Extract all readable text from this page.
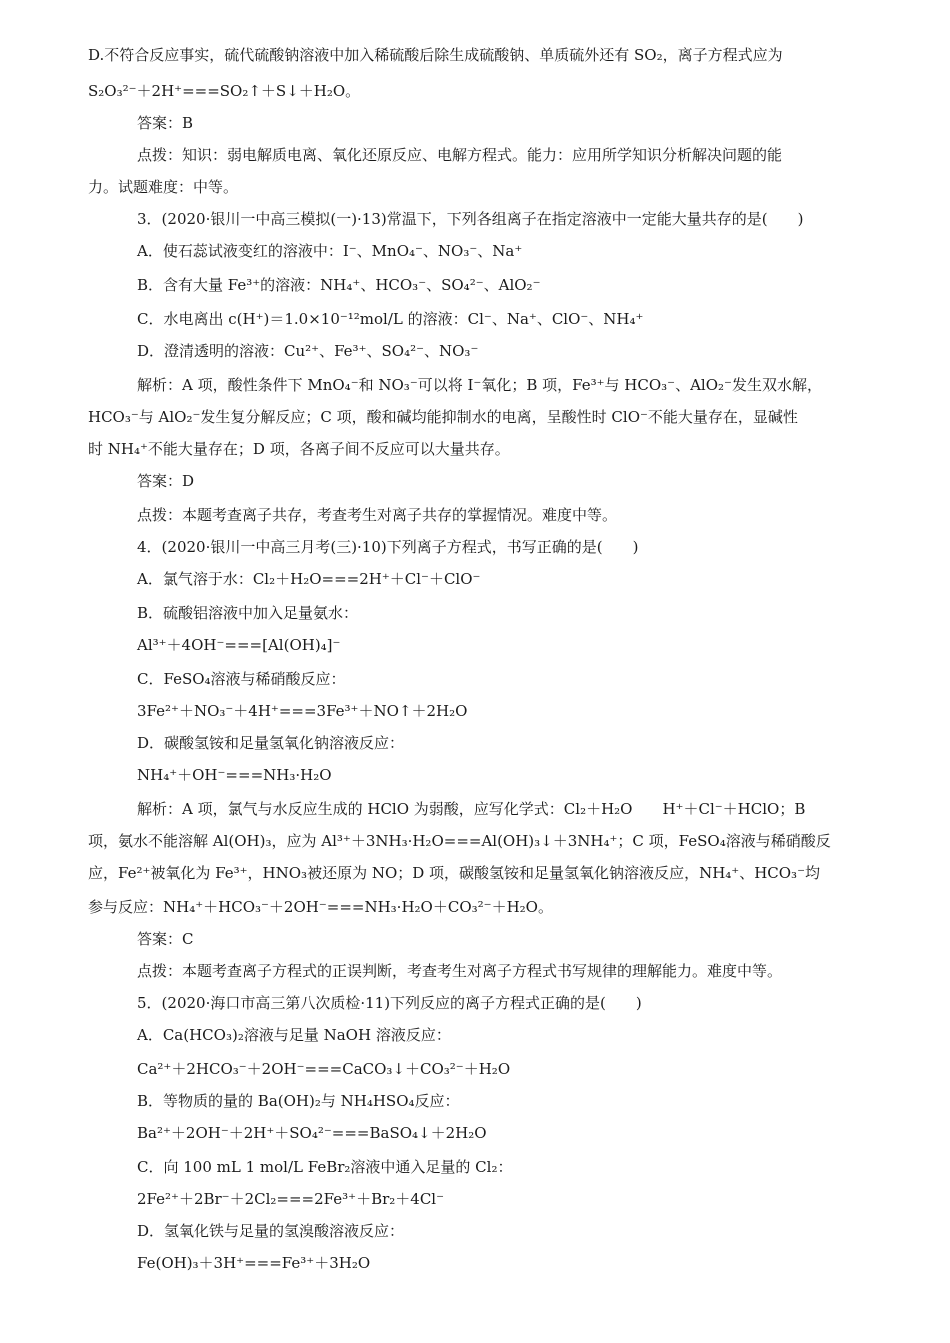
D.不符合反应事实，硫代硫酸钠溶液中加入稀硫酸后除生成硫酸钠、单质硫外还有 SO₂，离子方程式应为
S₂O₃²⁻＋2H⁺===SO₂↑＋S↓＋H₂O。
答案：B
点拨：知识：弱电解质电离、氧化还原反应、电解方程式。能力：应用所学知识分析解决问题的能
力。试题难度：中等。
3．(2020·银川一中高三模拟(一)·13)常温下，下列各组离子在指定溶液中一定能大量共存的是(　　)
A．使石蕊试液变红的溶液中：I⁻、MnO₄⁻、NO₃⁻、Na⁺
B．含有大量 Fe³⁺的溶液：NH₄⁺、HCO₃⁻、SO₄²⁻、AlO₂⁻
C．水电离出 c(H⁺)＝1.0×10⁻¹²mol/L 的溶液：Cl⁻、Na⁺、ClO⁻、NH₄⁺
D．澄清透明的溶液：Cu²⁺、Fe³⁺、SO₄²⁻、NO₃⁻
解析：A 项，酸性条件下 MnO₄⁻和 NO₃⁻可以将 I⁻氧化；B 项，Fe³⁺与 HCO₃⁻、AlO₂⁻发生双水解，
HCO₃⁻与 AlO₂⁻发生复分解反应；C 项，酸和碱均能抑制水的电离，呈酸性时 ClO⁻不能大量存在，显碱性
时 NH₄⁺不能大量存在；D 项，各离子间不反应可以大量共存。
答案：D
点拨：本题考查离子共存，考查考生对离子共存的掌握情况。难度中等。
4．(2020·银川一中高三月考(三)·10)下列离子方程式，书写正确的是(　　)
A．氯气溶于水：Cl₂＋H₂O===2H⁺＋Cl⁻＋ClO⁻
B．硫酸铝溶液中加入足量氨水：
Al³⁺＋4OH⁻===[Al(OH)₄]⁻
C．FeSO₄溶液与稀硝酸反应：
3Fe²⁺＋NO₃⁻＋4H⁺===3Fe³⁺＋NO↑＋2H₂O
D．碳酸氢铵和足量氢氧化钠溶液反应：
NH₄⁺＋OH⁻===NH₃·H₂O
解析：A 项，氯气与水反应生成的 HClO 为弱酸，应写化学式：Cl₂＋H₂O　　H⁺＋Cl⁻＋HClO；B
项，氨水不能溶解 Al(OH)₃，应为 Al³⁺＋3NH₃·H₂O===Al(OH)₃↓＋3NH₄⁺；C 项，FeSO₄溶液与稀硝酸反
应，Fe²⁺被氧化为 Fe³⁺，HNO₃被还原为 NO；D 项，碳酸氢铵和足量氢氧化钠溶液反应，NH₄⁺、HCO₃⁻均
参与反应：NH₄⁺＋HCO₃⁻＋2OH⁻===NH₃·H₂O＋CO₃²⁻＋H₂O。
答案：C
点拨：本题考查离子方程式的正误判断，考查考生对离子方程式书写规律的理解能力。难度中等。
5．(2020·海口市高三第八次质检·11)下列反应的离子方程式正确的是(　　)
A．Ca(HCO₃)₂溶液与足量 NaOH 溶液反应：
Ca²⁺＋2HCO₃⁻＋2OH⁻===CaCO₃↓＋CO₃²⁻＋H₂O
B．等物质的量的 Ba(OH)₂与 NH₄HSO₄反应：
Ba²⁺＋2OH⁻＋2H⁺＋SO₄²⁻===BaSO₄↓＋2H₂O
C．向 100 mL 1 mol/L FeBr₂溶液中通入足量的 Cl₂：
2Fe²⁺＋2Br⁻＋2Cl₂===2Fe³⁺＋Br₂＋4Cl⁻
D．氢氧化铁与足量的氢溴酸溶液反应：
Fe(OH)₃＋3H⁺===Fe³⁺＋3H₂O
